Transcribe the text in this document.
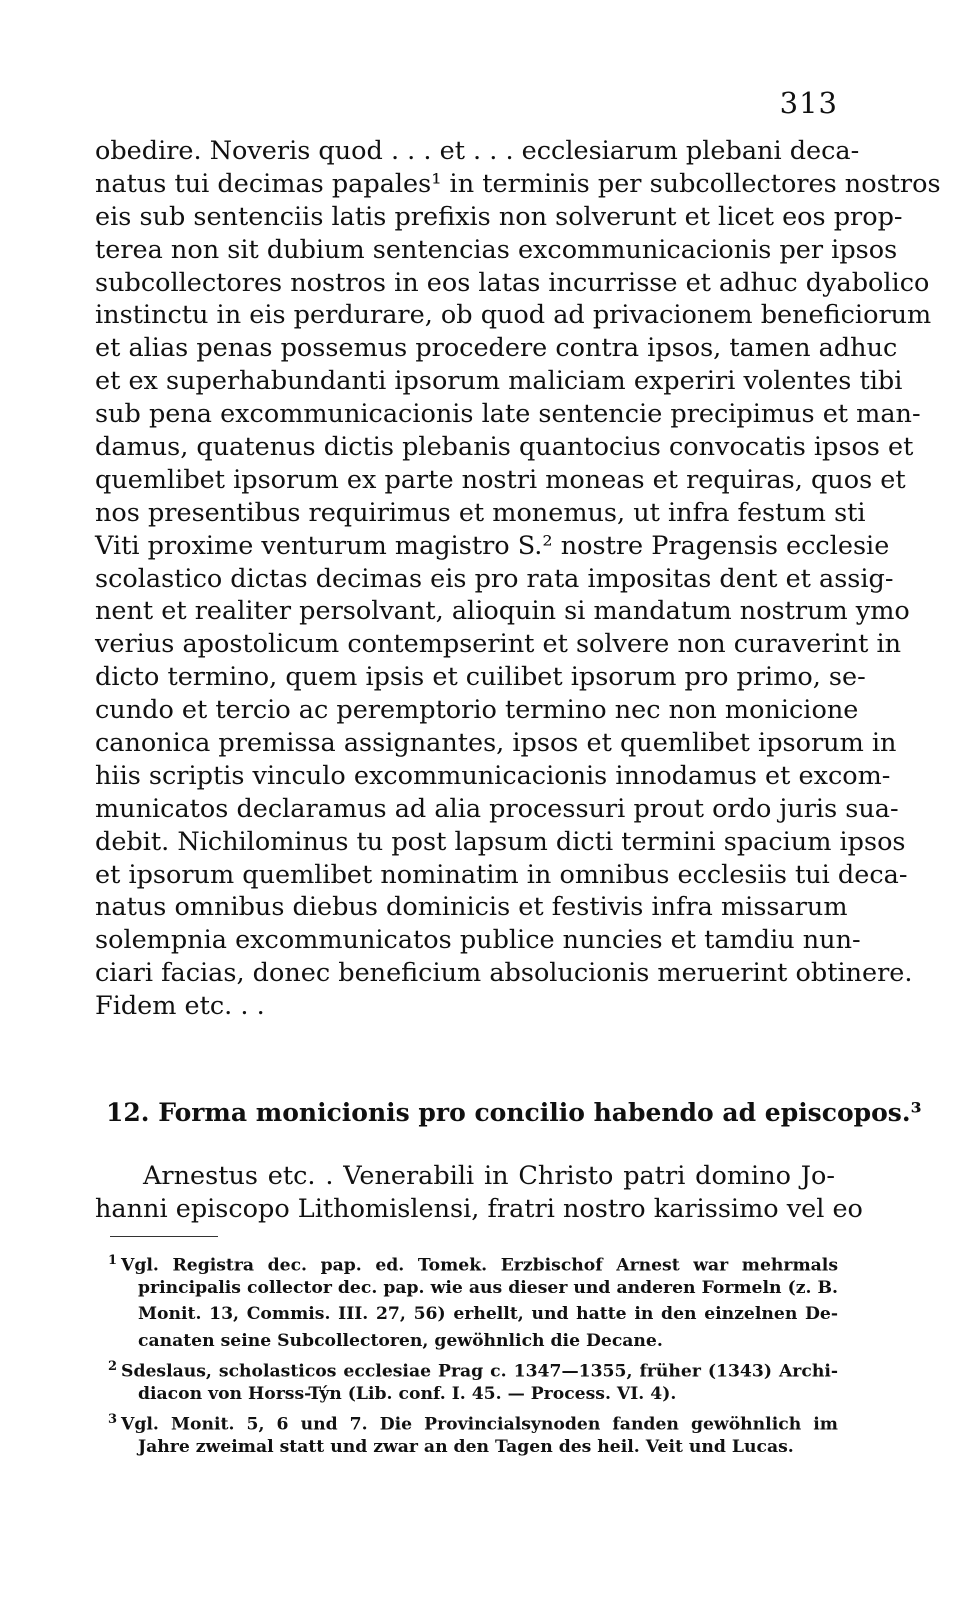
313
obedire. Noveris quod . . . et . . . ecclesiarum plebani deca-
natus tui decimas papales¹ in terminis per subcollectores nostros
eis sub sentenciis latis prefixis non solverunt et licet eos prop-
terea non sit dubium sentencias excommunicacionis per ipsos
subcollectores nostros in eos latas incurrisse et adhuc dyabolico
instinctu in eis perdurare, ob quod ad privacionem beneficiorum
et alias penas possemus procedere contra ipsos, tamen adhuc
et ex superhabundanti ipsorum maliciam experiri volentes tibi
sub pena excommunicacionis late sentencie precipimus et man-
damus, quatenus dictis plebanis quantocius convocatis ipsos et
quemlibet ipsorum ex parte nostri moneas et requiras, quos et
nos presentibus requirimus et monemus, ut infra festum sti
Viti proxime venturum magistro S.² nostre Pragensis ecclesie
scolastico dictas decimas eis pro rata impositas dent et assig-
nent et realiter persolvant, alioquin si mandatum nostrum ymo
verius apostolicum contempserint et solvere non curaverint in
dicto termino, quem ipsis et cuilibet ipsorum pro primo, se-
cundo et tercio ac peremptorio termino nec non monicione
canonica premissa assignantes, ipsos et quemlibet ipsorum in
hiis scriptis vinculo excommunicacionis innodamus et excom-
municatos declaramus ad alia processuri prout ordo juris sua-
debit. Nichilominus tu post lapsum dicti termini spacium ipsos
et ipsorum quemlibet nominatim in omnibus ecclesiis tui deca-
natus omnibus diebus dominicis et festivis infra missarum
solempnia excommunicatos publice nuncies et tamdiu nun-
ciari facias, donec beneficium absolucionis meruerint obtinere.
Fidem etc. . .
12. Forma monicionis pro concilio habendo ad episcopos.³
Arnestus etc. . Venerabili in Christo patri domino Jo-
hanni episcopo Lithomislensi, fratri nostro karissimo vel eo
$^1$ Vgl. Registra dec. pap. ed. Tomek. Erzbischof Arnest war mehrmals
principalis collector dec. pap. wie aus dieser und anderen Formeln (z. B.
Monit. 13, Commis. III. 27, 56) erhellt, und hatte in den einzelnen De-
canaten seine Subcollectoren, gewöhnlich die Decane.
$^2$ Sdeslaus, scholasticos ecclesiae Prag c. 1347—1355, früher (1343) Archi-
diacon von Horss-Týn (Lib. conf. I. 45. — Process. VI. 4).
$^3$ Vgl. Monit. 5, 6 und 7. Die Provincialsynoden fanden gewöhnlich im
Jahre zweimal statt und zwar an den Tagen des heil. Veit und Lucas.
